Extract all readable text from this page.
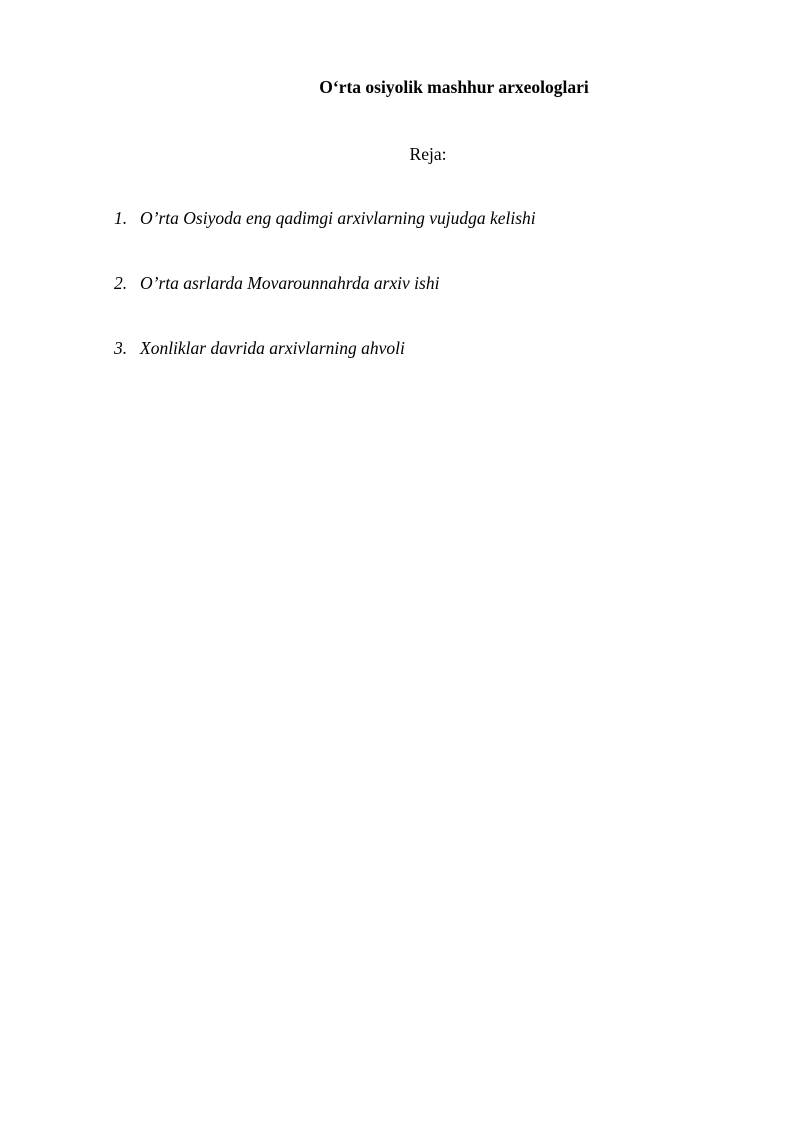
O‘rta osiyolik mashhur arxeologlari
Reja:
1. O’rta Osiyoda eng qadimgi arxivlarning vujudga kelishi
2. O’rta asrlarda Movarounnahrda arxiv ishi
3. Xonliklar davrida arxivlarning ahvoli
